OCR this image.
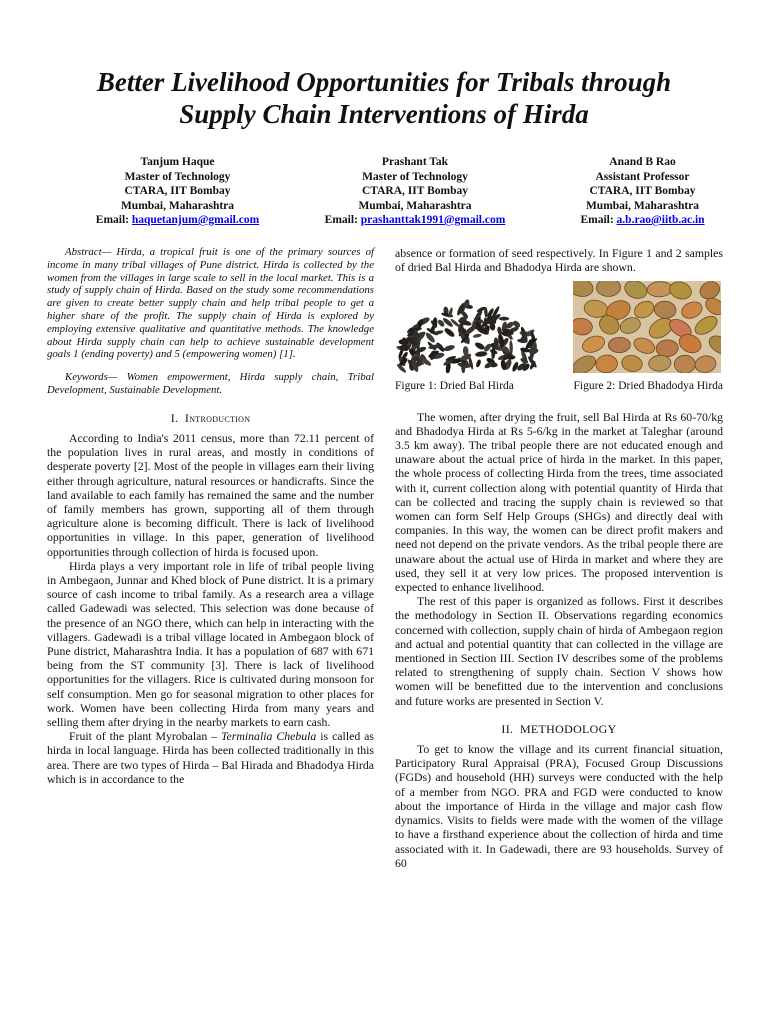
Better Livelihood Opportunities for Tribals through
Supply Chain Interventions of Hirda
Tanjum Haque
Master of Technology
CTARA, IIT Bombay
Mumbai, Maharashtra
Email: haquetanjum@gmail.com
Prashant Tak
Master of Technology
CTARA, IIT Bombay
Mumbai, Maharashtra
Email: prashanttak1991@gmail.com
Anand B Rao
Assistant Professor
CTARA, IIT Bombay
Mumbai, Maharashtra
Email: a.b.rao@iitb.ac.in

Abstract— Hirda, a tropical fruit is one of the primary sources of income in many tribal villages of Pune district. Hirda is collected by the women from the villages in large scale to sell in the local market. This is a study of supply chain of Hirda. Based on the study some recommendations are given to create better supply chain and help tribal people to get a higher share of the profit. The supply chain of Hirda is explored by employing extensive qualitative and quantitative methods. The knowledge about Hirda supply chain can help to achieve sustainable development goals 1 (ending poverty) and 5 (empowering women) [1].

Keywords— Women empowerment, Hirda supply chain, Tribal Development, Sustainable Development.

I. Introduction

According to India's 2011 census, more than 72.11 percent of the population lives in rural areas, and mostly in conditions of desperate poverty [2]. Most of the people in villages earn their living either through agriculture, natural resources or handicrafts. Since the land available to each family has remained the same and the number of family members has grown, supporting all of them through agriculture alone is becoming difficult. There is lack of livelihood opportunities in village. In this paper, generation of livelihood opportunities through collection of hirda is focused upon.

Hirda plays a very important role in life of tribal people living in Ambegaon, Junnar and Khed block of Pune district. It is a primary source of cash income to tribal family. As a research area a village called Gadewadi was selected. This selection was done because of the presence of an NGO there, which can help in interacting with the villagers. Gadewadi is a tribal village located in Ambegaon block of Pune district, Maharashtra India. It has a population of 687 with 671 being from the ST community [3]. There is lack of livelihood opportunities for the villagers. Rice is cultivated during monsoon for self consumption. Men go for seasonal migration to other places for work. Women have been collecting Hirda from many years and selling them after drying in the nearby markets to earn cash.

Fruit of the plant Myrobalan – Terminalia Chebula is called as hirda in local language. Hirda has been collected traditionally in this area. There are two types of Hirda – Bal Hirada and Bhadodya Hirda which is in accordance to the

absence or formation of seed respectively. In Figure 1 and 2 samples of dried Bal Hirda and Bhadodya Hirda are shown.

Figure 1: Dried Bal Hirda	Figure 2: Dried Bhadodya Hirda

The women, after drying the fruit, sell Bal Hirda at Rs 60-70/kg and Bhadodya Hirda at Rs 5-6/kg in the market at Taleghar (around 3.5 km away). The tribal people there are not educated enough and unaware about the actual price of hirda in the market. In this paper, the whole process of collecting Hirda from the trees, time associated with it, current collection along with potential quantity of Hirda that can be collected and tracing the supply chain is reviewed so that women can form Self Help Groups (SHGs) and directly deal with companies. In this way, the women can be direct profit makers and need not depend on the private vendors. As the tribal people there are unaware about the actual use of Hirda in market and where they are used, they sell it at very low prices. The proposed intervention is expected to enhance livelihood.

The rest of this paper is organized as follows. First it describes the methodology in Section II. Observations regarding economics concerned with collection, supply chain of hirda of Ambegaon region and actual and potential quantity that can collected in the village are mentioned in Section III. Section IV describes some of the problems related to strengthening of supply chain. Section V shows how women will be benefitted due to the intervention and conclusions and future works are presented in Section V.

II. METHODOLOGY

To get to know the village and its current financial situation, Participatory Rural Appraisal (PRA), Focused Group Discussions (FGDs) and household (HH) surveys were conducted with the help of a member from NGO. PRA and FGD were conducted to know about the importance of Hirda in the village and major cash flow dynamics. Visits to fields were made with the women of the village to have a firsthand experience about the collection of hirda and time associated with it. In Gadewadi, there are 93 households. Survey of 60
